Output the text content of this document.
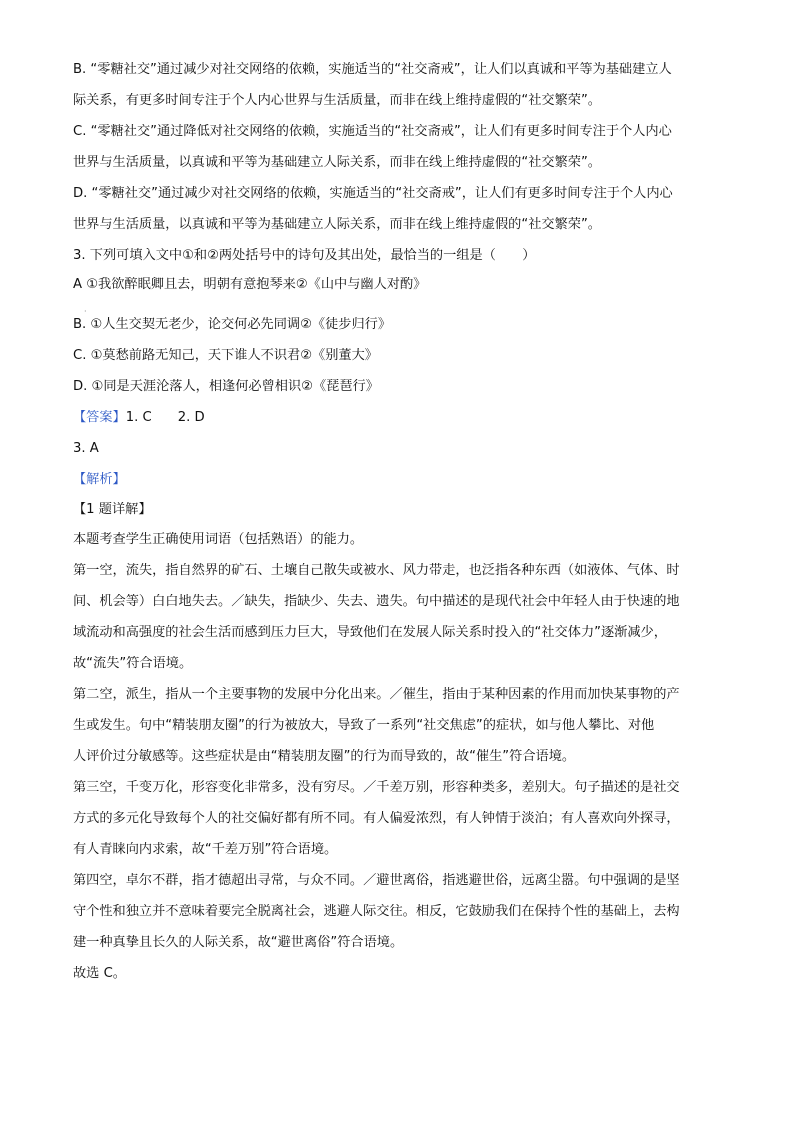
B. “零糖社交”通过减少对社交网络的依赖，实施适当的“社交斋戒”，让人们以真诚和平等为基础建立人
际关系，有更多时间专注于个人内心世界与生活质量，而非在线上维持虚假的“社交繁荣”。
C. “零糖社交”通过降低对社交网络的依赖，实施适当的“社交斋戒”，让人们有更多时间专注于个人内心
世界与生活质量，以真诚和平等为基础建立人际关系，而非在线上维持虚假的“社交繁荣”。
D. “零糖社交”通过减少对社交网络的依赖，实施适当的“社交斋戒”，让人们有更多时间专注于个人内心
世界与生活质量，以真诚和平等为基础建立人际关系，而非在线上维持虚假的“社交繁荣”。
3. 下列可填入文中①和②两处括号中的诗句及其出处，最恰当的一组是（　　）
A ①我欲醉眠卿且去，明朝有意抱琴来②《山中与幽人对酌》
B. ①人生交契无老少，论交何必先同调②《徒步归行》
C. ①莫愁前路无知己，天下谁人不识君②《别董大》
D. ①同是天涯沦落人，相逢何必曾相识②《琵琶行》
【答案】1. C 2. D
3. A
【解析】
【1 题详解】
本题考查学生正确使用词语（包括熟语）的能力。
第一空，流失，指自然界的矿石、土壤自己散失或被水、风力带走，也泛指各种东西（如液体、气体、时
间、机会等）白白地失去。／缺失，指缺少、失去、遗失。句中描述的是现代社会中年轻人由于快速的地
域流动和高强度的社会生活而感到压力巨大，导致他们在发展人际关系时投入的“社交体力”逐渐减少，
故“流失”符合语境。
第二空，派生，指从一个主要事物的发展中分化出来。／催生，指由于某种因素的作用而加快某事物的产
生或发生。句中“精装朋友圈”的行为被放大，导致了一系列“社交焦虑”的症状，如与他人攀比、对他
人评价过分敏感等。这些症状是由“精装朋友圈”的行为而导致的，故“催生”符合语境。
第三空，千变万化，形容变化非常多，没有穷尽。／千差万别，形容种类多，差别大。句子描述的是社交
方式的多元化导致每个人的社交偏好都有所不同。有人偏爱浓烈，有人钟情于淡泊；有人喜欢向外探寻，
有人青睐向内求索，故“千差万别”符合语境。
第四空，卓尔不群，指才德超出寻常，与众不同。／避世离俗，指逃避世俗，远离尘嚣。句中强调的是坚
守个性和独立并不意味着要完全脱离社会，逃避人际交往。相反，它鼓励我们在保持个性的基础上，去构
建一种真挚且长久的人际关系，故“避世离俗”符合语境。
故选 C。
·
